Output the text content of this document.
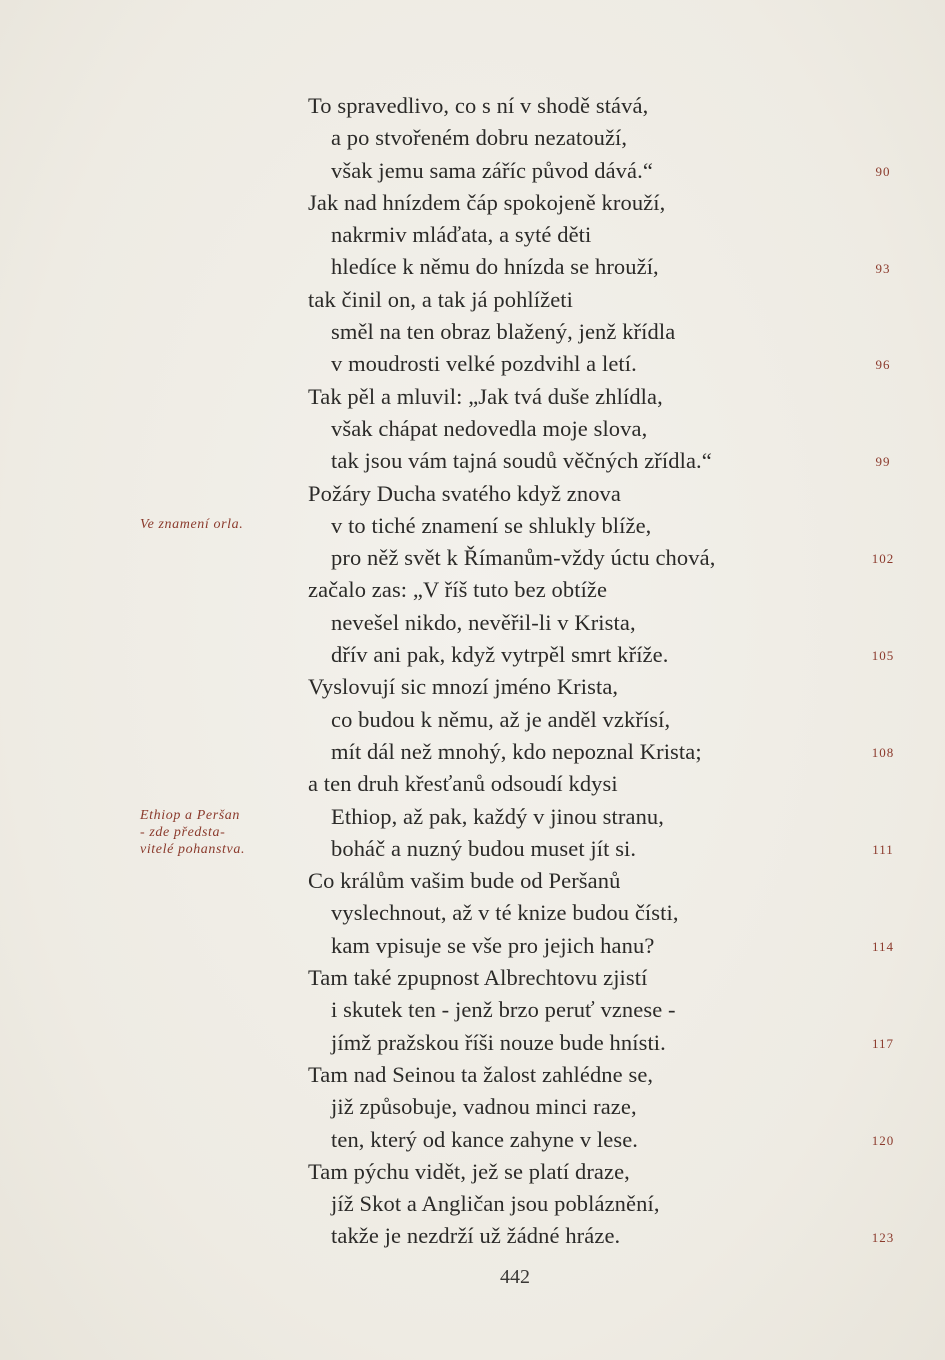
To spravedlivo, co s ní v shodě stává,
a po stvořeném dobru nezatouží,
však jemu sama záříc původ dává.“
Jak nad hnízdem čáp spokojeně krouží,
nakrmiv mláďata, a syté děti
hledíce k němu do hnízda se hrouží,
tak činil on, a tak já pohlížeti
směl na ten obraz blažený, jenž křídla
v moudrosti velké pozdvihl a letí.
Tak pěl a mluvil: „Jak tvá duše zhlídla,
však chápat nedovedla moje slova,
tak jsou vám tajná soudů věčných zřídla.“
Požáry Ducha svatého když znova
v to tiché znamení se shlukly blíže,
pro něž svět k Římanům-vždy úctu chová,
začalo zas: „V říš tuto bez obtíže
nevešel nikdo, nevěřil-li v Krista,
dřív ani pak, když vytrpěl smrt kříže.
Vyslovují sic mnozí jméno Krista,
co budou k němu, až je anděl vzkřísí,
mít dál než mnohý, kdo nepoznal Krista;
a ten druh křesťanů odsoudí kdysi
Ethiop, až pak, každý v jinou stranu,
boháč a nuzný budou muset jít si.
Co králům vašim bude od Peršanů
vyslechnout, až v té knize budou čísti,
kam vpisuje se vše pro jejich hanu?
Tam také zpupnost Albrechtovu zjistí
i skutek ten - jenž brzo peruť vznese -
jímž pražskou říši nouze bude hnísti.
Tam nad Seinou ta žalost zahlédne se,
již způsobuje, vadnou minci raze,
ten, který od kance zahyne v lese.
Tam pýchu vidět, jež se platí draze,
jíž Skot a Angličan jsou pobláznění,
takže je nezdrží už žádné hráze.
90
93
96
99
102
105
108
111
114
117
120
123
Ve znamení orla.
Ethiop a Peršan
- zde předsta-
vitelé pohanstva.
442
